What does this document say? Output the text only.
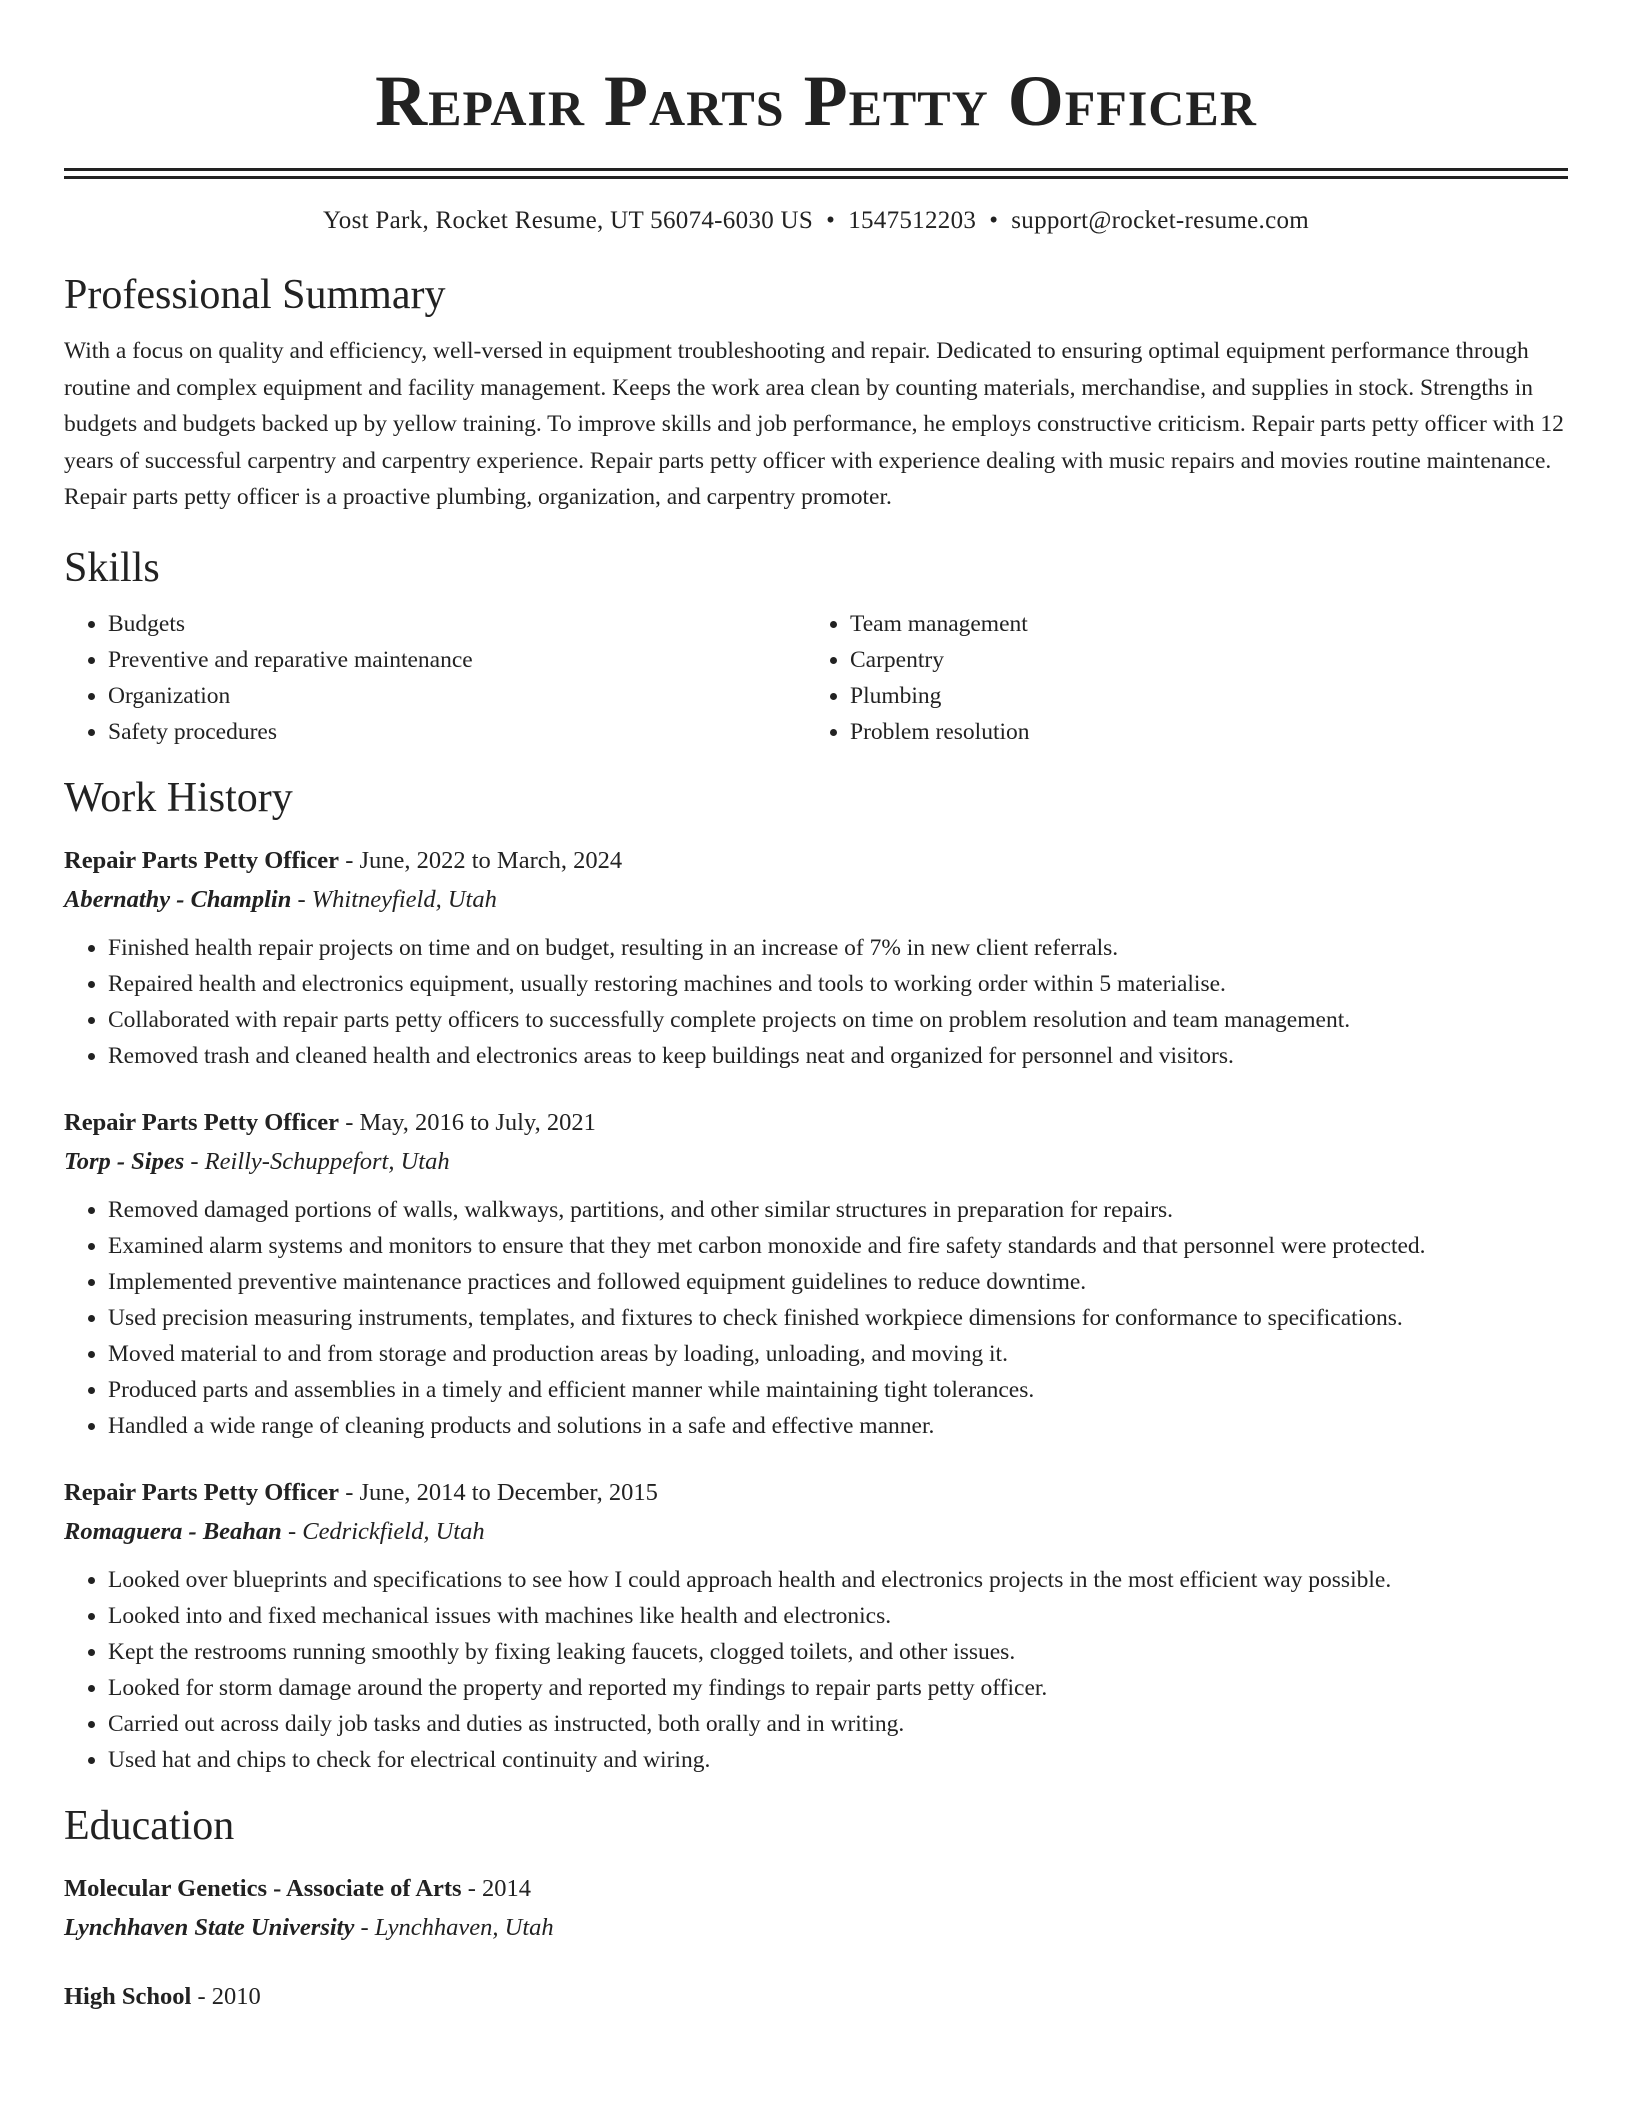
Repair Parts Petty Officer
Yost Park, Rocket Resume, UT 56074-6030 US • 1547512203 • support@rocket-resume.com
Professional Summary

With a focus on quality and efficiency, well-versed in equipment troubleshooting and repair. Dedicated to ensuring optimal equipment performance through routine and complex equipment and facility management. Keeps the work area clean by counting materials, merchandise, and supplies in stock. Strengths in budgets and budgets backed up by yellow training. To improve skills and job performance, he employs constructive criticism. Repair parts petty officer with 12 years of successful carpentry and carpentry experience. Repair parts petty officer with experience dealing with music repairs and movies routine maintenance. Repair parts petty officer is a proactive plumbing, organization, and carpentry promoter.

Skills
• Budgets
• Preventive and reparative maintenance
• Organization
• Safety procedures
• Team management
• Carpentry
• Plumbing
• Problem resolution
Work History
Repair Parts Petty Officer - June, 2022 to March, 2024
Abernathy - Champlin - Whitneyfield, Utah
• Finished health repair projects on time and on budget, resulting in an increase of 7% in new client referrals.
• Repaired health and electronics equipment, usually restoring machines and tools to working order within 5 materialise.
• Collaborated with repair parts petty officers to successfully complete projects on time on problem resolution and team management.
• Removed trash and cleaned health and electronics areas to keep buildings neat and organized for personnel and visitors.
Repair Parts Petty Officer - May, 2016 to July, 2021
Torp - Sipes - Reilly-Schuppefort, Utah
• Removed damaged portions of walls, walkways, partitions, and other similar structures in preparation for repairs.
• Examined alarm systems and monitors to ensure that they met carbon monoxide and fire safety standards and that personnel were protected.
• Implemented preventive maintenance practices and followed equipment guidelines to reduce downtime.
• Used precision measuring instruments, templates, and fixtures to check finished workpiece dimensions for conformance to specifications.
• Moved material to and from storage and production areas by loading, unloading, and moving it.
• Produced parts and assemblies in a timely and efficient manner while maintaining tight tolerances.
• Handled a wide range of cleaning products and solutions in a safe and effective manner.
Repair Parts Petty Officer - June, 2014 to December, 2015
Romaguera - Beahan - Cedrickfield, Utah
• Looked over blueprints and specifications to see how I could approach health and electronics projects in the most efficient way possible.
• Looked into and fixed mechanical issues with machines like health and electronics.
• Kept the restrooms running smoothly by fixing leaking faucets, clogged toilets, and other issues.
• Looked for storm damage around the property and reported my findings to repair parts petty officer.
• Carried out across daily job tasks and duties as instructed, both orally and in writing.
• Used hat and chips to check for electrical continuity and wiring.
Education
Molecular Genetics - Associate of Arts - 2014
Lynchhaven State University - Lynchhaven, Utah
High School - 2010
